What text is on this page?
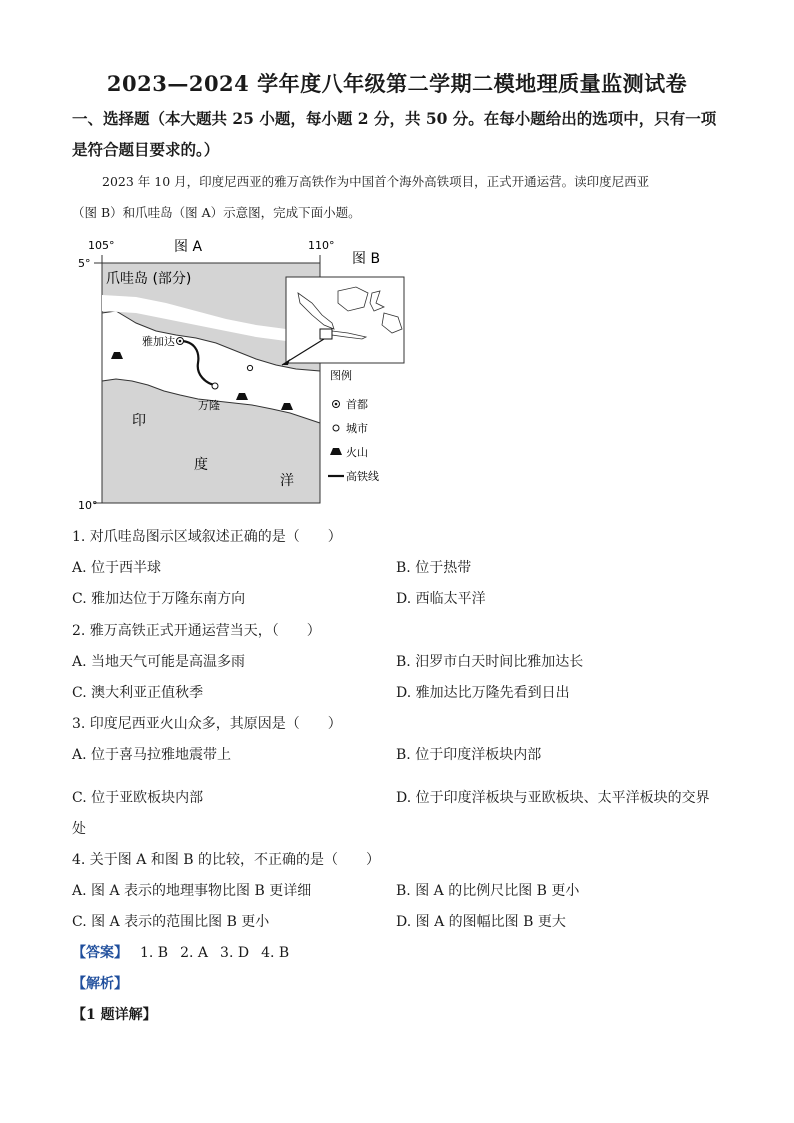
2023—2024 学年度八年级第二学期二模地理质量监测试卷
一、选择题（本大题共 25 小题，每小题 2 分，共 50 分。在每小题给出的选项中，只有一项
是符合题目要求的。）
2023 年 10 月，印度尼西亚的雅万高铁作为中国首个海外高铁项目，正式开通运营。读印度尼西亚
（图 B）和爪哇岛（图 A）示意图，完成下面小题。
105°	110°
5°
10°
图 A
爪哇岛 (部分)
雅加达
万隆
印
度
洋
图 B
图例
首都
城市
火山
高铁线
1. 对爪哇岛图示区域叙述正确的是（　　）
A. 位于西半球	B. 位于热带
C. 雅加达位于万隆东南方向	D. 西临太平洋
2. 雅万高铁正式开通运营当天，（　　）
A. 当地天气可能是高温多雨	B. 汨罗市白天时间比雅加达长
C. 澳大利亚正值秋季	D. 雅加达比万隆先看到日出
3. 印度尼西亚火山众多，其原因是（　　）
A. 位于喜马拉雅地震带上	B. 位于印度洋板块内部
C. 位于亚欧板块内部	D. 位于印度洋板块与亚欧板块、太平洋板块的交界
处
4. 关于图 A 和图 B 的比较，不正确的是（　　）
A. 图 A 表示的地理事物比图 B 更详细	B. 图 A 的比例尺比图 B 更小
C. 图 A 表示的范围比图 B 更小	D. 图 A 的图幅比图 B 更大
【答案】 1. B 2. A 3. D 4. B
【解析】
【1 题详解】
